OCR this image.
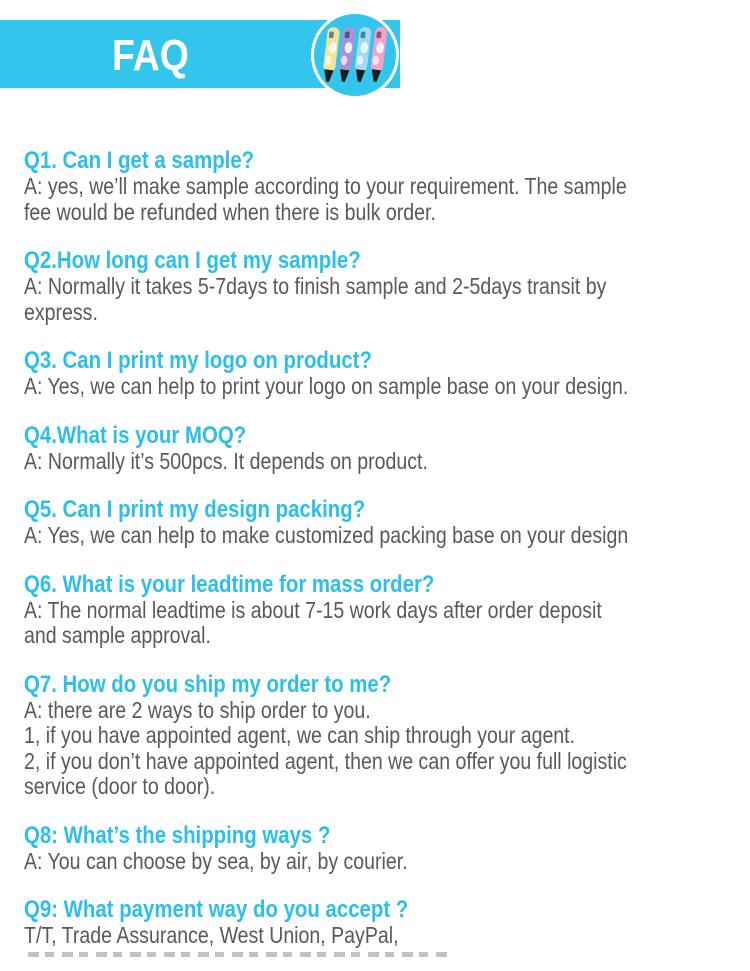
FAQ
Q1. Can I get a sample?
A: yes, we’ll make sample according to your requirement. The sample
fee would be refunded when there is bulk order.
Q2.How long can I get my sample?
A: Normally it takes 5-7days to finish sample and 2-5days transit by
express.
Q3. Can I print my logo on product?
A: Yes, we can help to print your logo on sample base on your design.
Q4.What is your MOQ?
A: Normally it’s 500pcs. It depends on product.
Q5. Can I print my design packing?
A: Yes, we can help to make customized packing base on your design
Q6. What is your leadtime for mass order?
A: The normal leadtime is about 7-15 work days after order deposit
and sample approval.
Q7. How do you ship my order to me?
A: there are 2 ways to ship order to you.
1, if you have appointed agent, we can ship through your agent.
2, if you don’t have appointed agent, then we can offer you full logistic
service (door to door).
Q8: What’s the shipping ways ?
A: You can choose by sea, by air, by courier.
Q9: What payment way do you accept ?
T/T, Trade Assurance, West Union, PayPal,
